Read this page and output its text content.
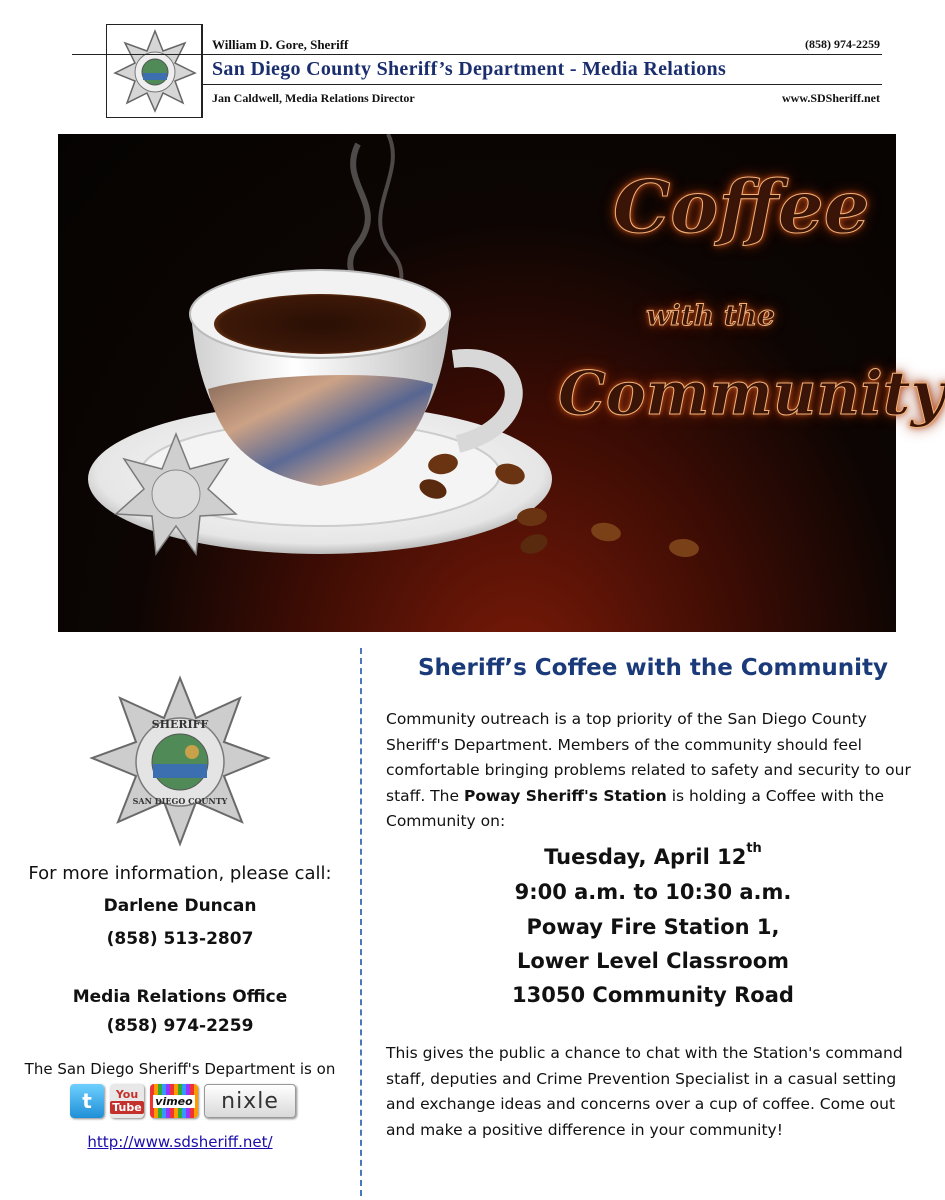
William D. Gore, Sheriff	(858) 974-2259
San Diego County Sheriff’s Department - Media Relations
Jan Caldwell, Media Relations Director	www.SDSheriff.net
Coffee
with the
Community
SHERIFF
SAN DIEGO COUNTY
For more information, please call:
Darlene Duncan
(858) 513-2807
Media Relations Office
(858) 974-2259
The San Diego Sheriff's Department is on
t You
Tube vimeo nixle
http://www.sdsheriff.net/
Sheriff’s Coffee with the Community
Community outreach is a top priority of the San Diego County Sheriff's Department. Members of the community should feel comfortable bringing problems related to safety and security to our staff. The Poway Sheriff's Station is holding a Coffee with the Community on:
Tuesday, April 12th
9:00 a.m. to 10:30 a.m.
Poway Fire Station 1,
Lower Level Classroom
13050 Community Road
This gives the public a chance to chat with the Station's command staff, deputies and Crime Prevention Specialist in a casual setting and exchange ideas and concerns over a cup of coffee. Come out and make a positive difference in your community!
